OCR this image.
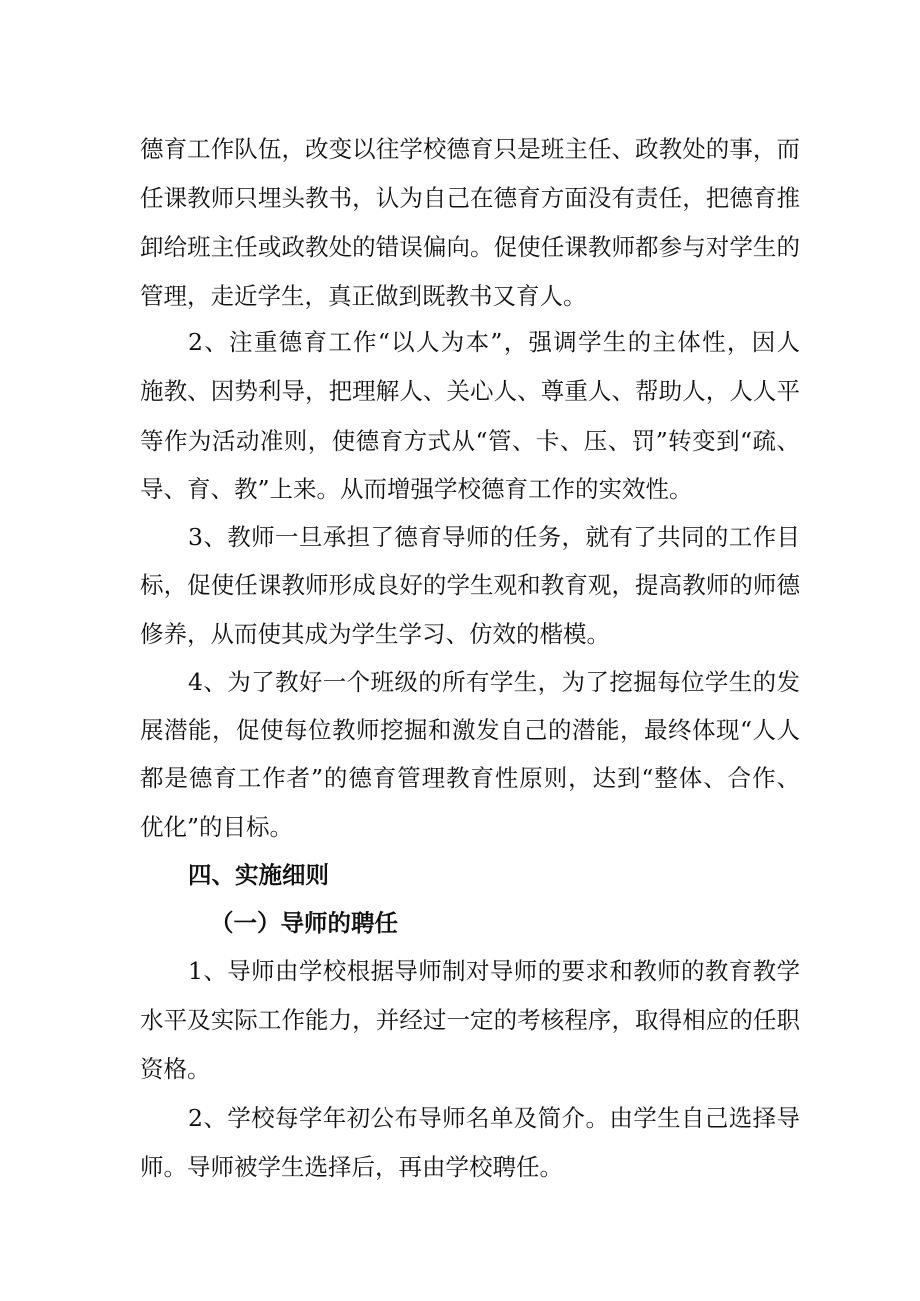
德育工作队伍，改变以往学校德育只是班主任、政教处的事，而
任课教师只埋头教书，认为自己在德育方面没有责任，把德育推
卸给班主任或政教处的错误偏向。促使任课教师都参与对学生的
管理，走近学生，真正做到既教书又育人。
2、注重德育工作“以人为本”，强调学生的主体性，因人
施教、因势利导，把理解人、关心人、尊重人、帮助人，人人平
等作为活动准则，使德育方式从“管、卡、压、罚”转变到“疏、
导、育、教”上来。从而增强学校德育工作的实效性。
3、教师一旦承担了德育导师的任务，就有了共同的工作目
标，促使任课教师形成良好的学生观和教育观，提高教师的师德
修养，从而使其成为学生学习、仿效的楷模。
4、为了教好一个班级的所有学生，为了挖掘每位学生的发
展潜能，促使每位教师挖掘和激发自己的潜能，最终体现“人人
都是德育工作者”的德育管理教育性原则，达到“整体、合作、
优化”的目标。
四、实施细则
（一）导师的聘任
1、导师由学校根据导师制对导师的要求和教师的教育教学
水平及实际工作能力，并经过一定的考核程序，取得相应的任职
资格。
2、学校每学年初公布导师名单及简介。由学生自己选择导
师。导师被学生选择后，再由学校聘任。
